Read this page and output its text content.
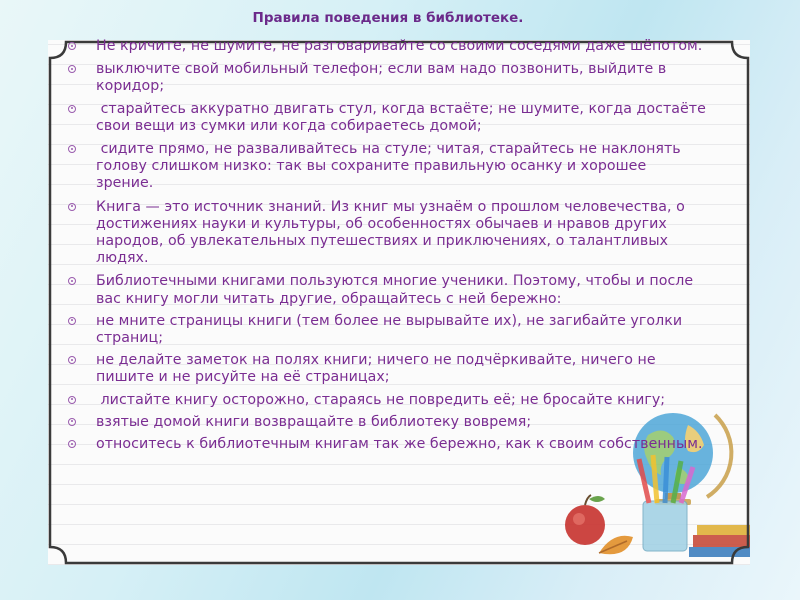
Правила поведения в библиотеке.
Не кричите, не шумите, не разговаривайте со своими соседями даже шёпотом.
выключите свой мобильный телефон; если вам надо позвонить, выйдите в коридор;
старайтесь аккуратно двигать стул, когда встаёте; не шумите, когда достаёте свои вещи из сумки или когда собираетесь домой;
сидите прямо, не разваливайтесь на стуле; читая, старайтесь не наклонять голову слишком низко: так вы сохраните правильную осанку и хорошее зрение.
Книга — это источник знаний. Из книг мы узнаём о прошлом человечества, о достижениях науки и культуры, об особенностях обычаев и нравов других народов, об увлекательных путешествиях и приключениях, о талантливых людях.
Библиотечными книгами пользуются многие ученики. Поэтому, чтобы и после вас книгу могли читать другие, обращайтесь с ней бережно:
не мните страницы книги (тем более не вырывайте их), не загибайте уголки страниц;
не делайте заметок на полях книги; ничего не подчёркивайте, ничего не пишите и не рисуйте на её страницах;
листайте книгу осторожно, стараясь не повредить её; не бросайте книгу;
взятые домой книги возвращайте в библиотеку вовремя;
относитесь к библиотечным книгам так же бережно, как к своим собственным.
